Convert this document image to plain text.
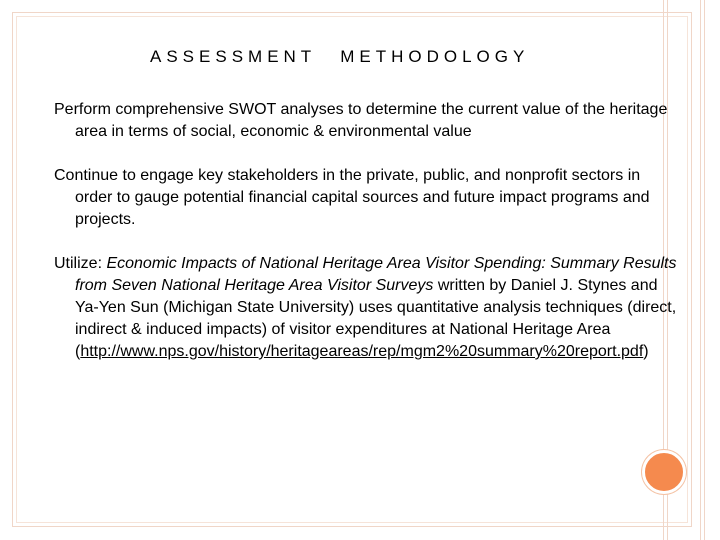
ASSESSMENT METHODOLOGY

Perform comprehensive SWOT analyses to determine the current value of the heritage area in terms of social, economic & environmental value

Continue to engage key stakeholders in the private, public, and nonprofit sectors in order to gauge potential financial capital sources and future impact programs and projects.

Utilize: Economic Impacts of National Heritage Area Visitor Spending: Summary Results from Seven National Heritage Area Visitor Surveys written by Daniel J. Stynes and Ya-Yen Sun (Michigan State University) uses quantitative analysis techniques (direct, indirect & induced impacts) of visitor expenditures at National Heritage Area (http://www.nps.gov/history/heritageareas/rep/mgm2%20summary%20report.pdf)
